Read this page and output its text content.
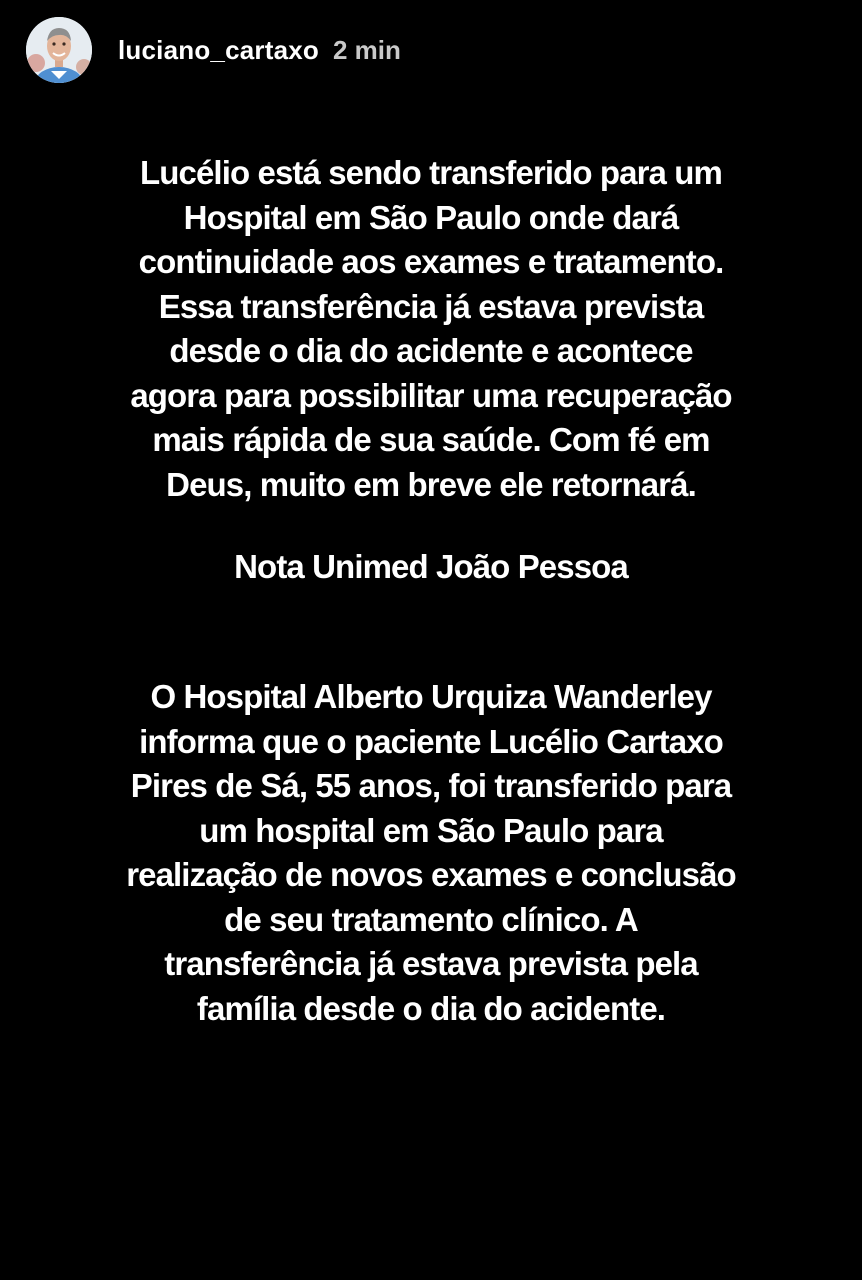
luciano_cartaxo 2 min

Lucélio está sendo transferido para um

Hospital em São Paulo onde dará

continuidade aos exames e tratamento.

Essa transferência já estava prevista

desde o dia do acidente e acontece

agora para possibilitar uma recuperação

mais rápida de sua saúde. Com fé em

Deus, muito em breve ele retornará.

Nota Unimed João Pessoa

O Hospital Alberto Urquiza Wanderley

informa que o paciente Lucélio Cartaxo

Pires de Sá, 55 anos, foi transferido para

um hospital em São Paulo para

realização de novos exames e conclusão

de seu tratamento clínico. A

transferência já estava prevista pela

família desde o dia do acidente.
